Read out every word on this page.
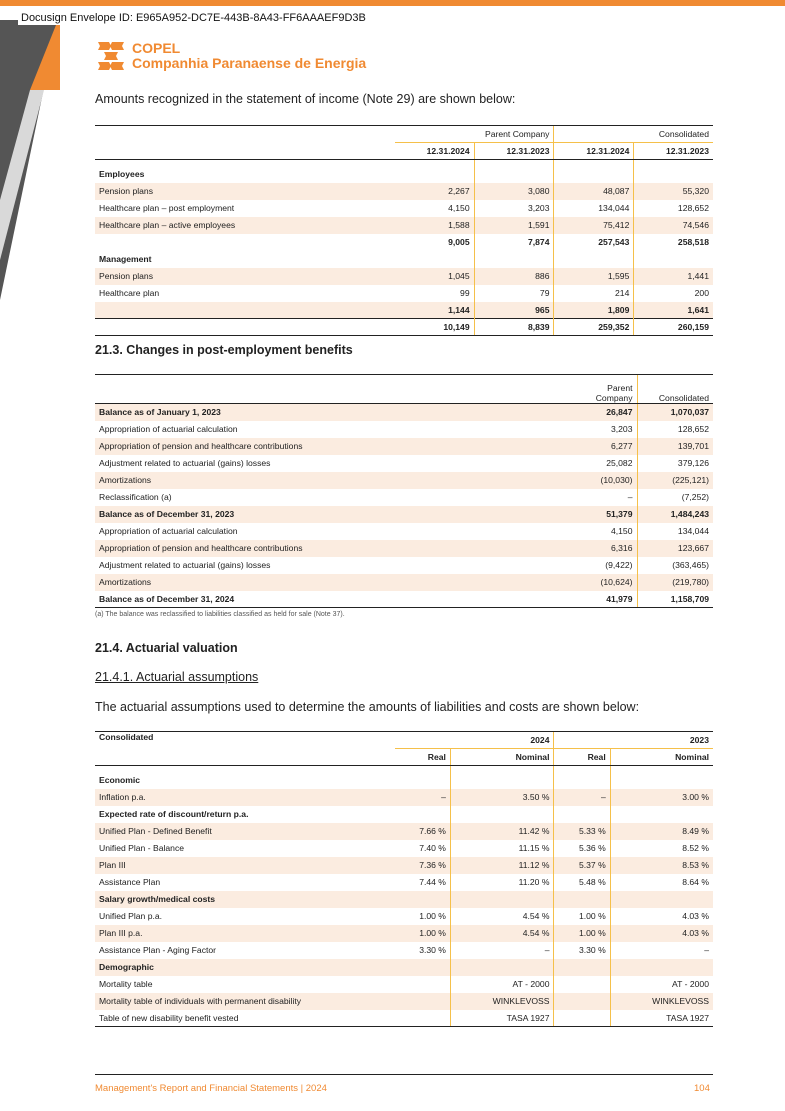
Docusign Envelope ID: E965A952-DC7E-443B-8A43-FF6AAAEF9D3B
COPEL
Companhia Paranaense de Energia
Amounts recognized in the statement of income (Note 29) are shown below:
	Parent Company		Consolidated	
	12.31.2024	12.31.2023	12.31.2024	12.31.2023

Employees				
Pension plans	2,267	3,080	48,087	55,320
Healthcare plan – post employment	4,150	3,203	134,044	128,652
Healthcare plan – active employees	1,588	1,591	75,412	74,546
	9,005	7,874	257,543	258,518
Management				
Pension plans	1,045	886	1,595	1,441
Healthcare plan	99	79	214	200
	1,144	965	1,809	1,641
	10,149	8,839	259,352	260,159
21.3. Changes in post-employment benefits
	Parent Company	Consolidated
Balance as of January 1, 2023	26,847	1,070,037
Appropriation of actuarial calculation	3,203	128,652
Appropriation of pension and healthcare contributions	6,277	139,701
Adjustment related to actuarial (gains) losses	25,082	379,126
Amortizations	(10,030)	(225,121)
Reclassification (a)	–	(7,252)
Balance as of December 31, 2023	51,379	1,484,243
Appropriation of actuarial calculation	4,150	134,044
Appropriation of pension and healthcare contributions	6,316	123,667
Adjustment related to actuarial (gains) losses	(9,422)	(363,465)
Amortizations	(10,624)	(219,780)
Balance as of December 31, 2024	41,979	1,158,709
(a) The balance was reclassified to liabilities classified as held for sale (Note 37).
21.4. Actuarial valuation
21.4.1. Actuarial assumptions
The actuarial assumptions used to determine the amounts of liabilities and costs are shown below:
Consolidated	2024		2023	
	Real	Nominal	Real	Nominal

Economic				
Inflation p.a.	–	3.50 %	–	3.00 %
Expected rate of discount/return p.a.				
Unified Plan - Defined Benefit	7.66 %	11.42 %	5.33 %	8.49 %
Unified Plan - Balance	7.40 %	11.15 %	5.36 %	8.52 %
Plan III	7.36 %	11.12 %	5.37 %	8.53 %
Assistance Plan	7.44 %	11.20 %	5.48 %	8.64 %
Salary growth/medical costs				
Unified Plan p.a.	1.00 %	4.54 %	1.00 %	4.03 %
Plan III p.a.	1.00 %	4.54 %	1.00 %	4.03 %
Assistance Plan - Aging Factor	3.30 %	–	3.30 %	–
Demographic				
Mortality table		AT - 2000		AT - 2000
Mortality table of individuals with permanent disability		WINKLEVOSS		WINKLEVOSS
Table of new disability benefit vested		TASA 1927		TASA 1927
Management's Report and Financial Statements | 2024	104
